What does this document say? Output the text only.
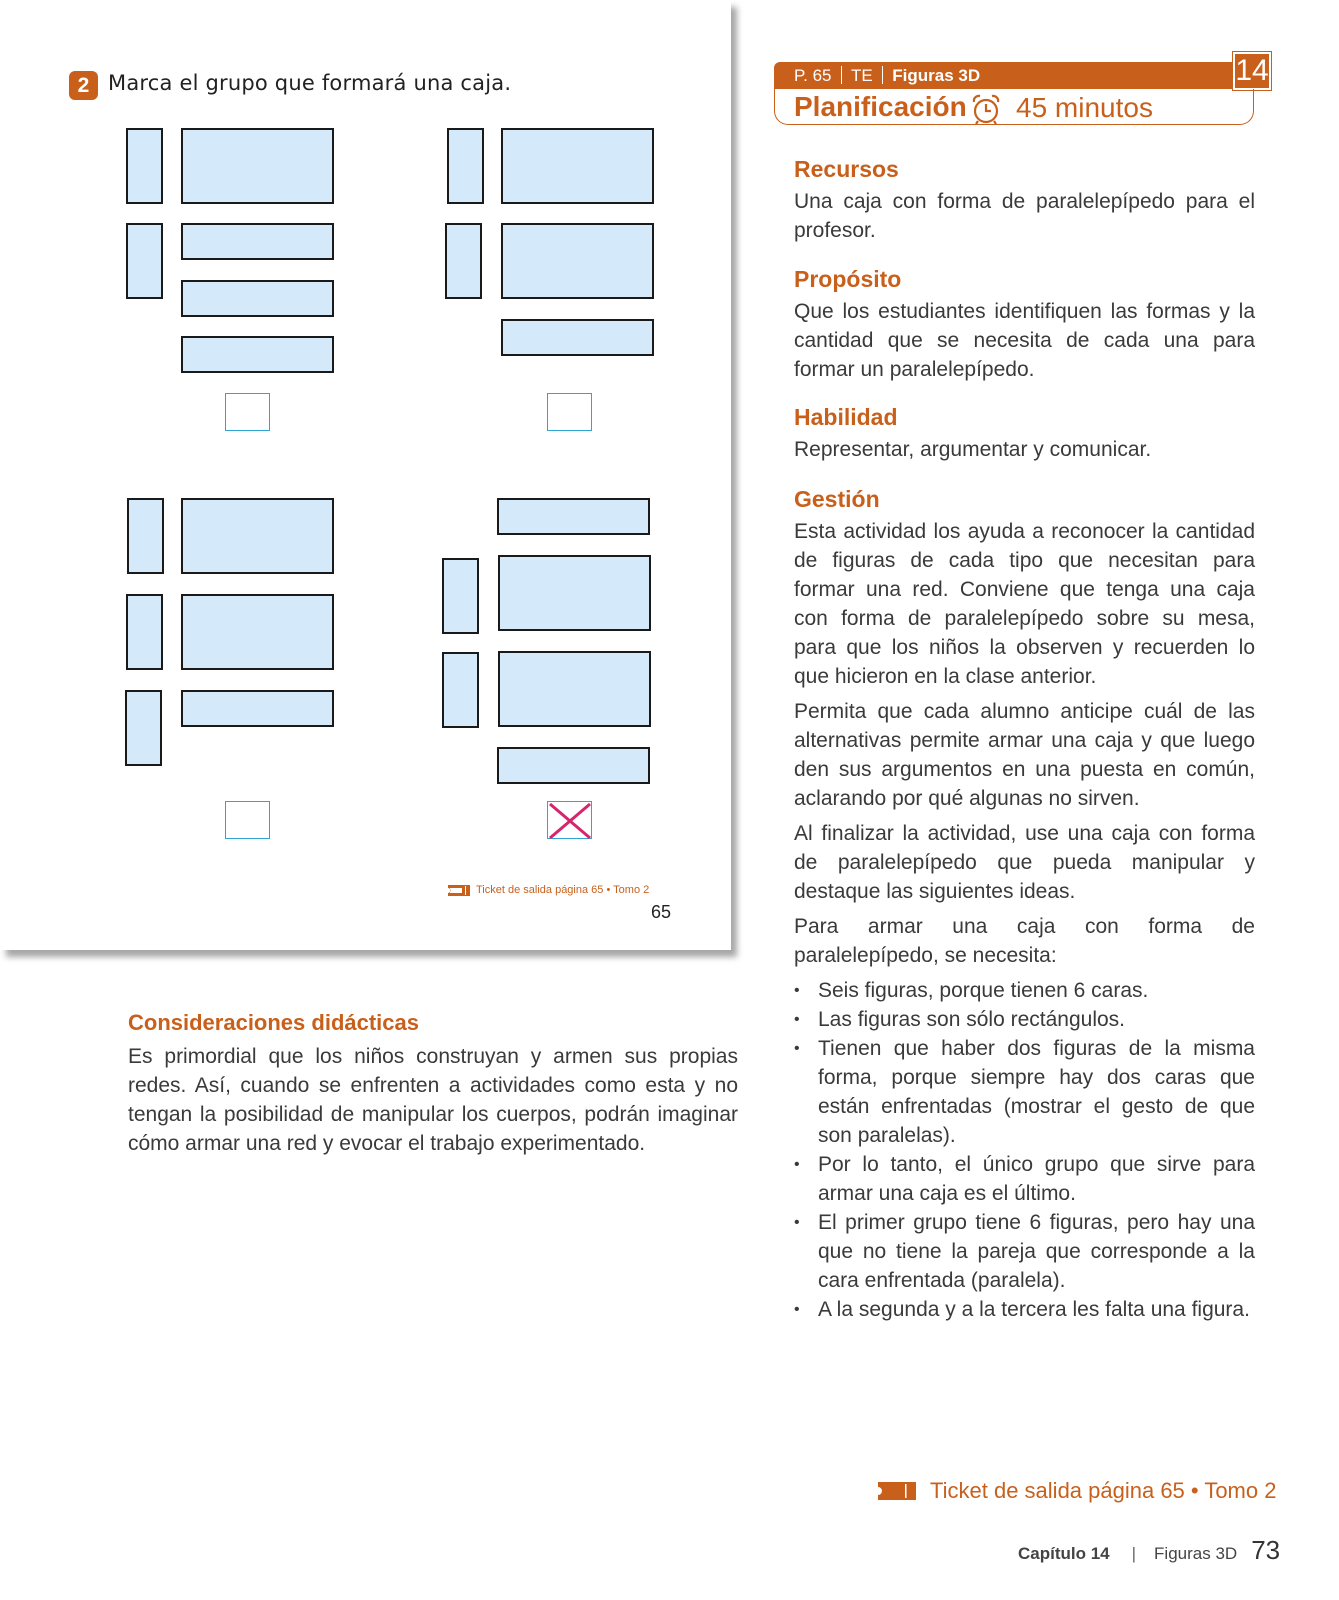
2 Marca el grupo que formará una caja.
Ticket de salida página 65 • Tomo 2
65
Consideraciones didácticas
Es primordial que los niños construyan y armen sus propias redes. Así, cuando se enfrenten a actividades como esta y no tengan la posibilidad de manipular los cuerpos, podrán imaginar cómo armar una red y evocar el trabajo experimentado.
P. 65 TE Figuras 3D	14
Planificación 45 minutos
Recursos
Una caja con forma de paralelepípedo para el profesor.
Propósito
Que los estudiantes identifiquen las formas y la cantidad que se necesita de cada una para formar un paralelepípedo.
Habilidad
Representar, argumentar y comunicar.
Gestión
Esta actividad los ayuda a reconocer la cantidad de figuras de cada tipo que necesitan para formar una red. Conviene que tenga una caja con forma de paralelepípedo sobre su mesa, para que los niños la observen y recuerden lo que hicieron en la clase anterior.
Permita que cada alumno anticipe cuál de las alternativas permite armar una caja y que luego den sus argumentos en una puesta en común, aclarando por qué algunas no sirven.
Al finalizar la actividad, use una caja con forma de paralelepípedo que pueda manipular y destaque las siguientes ideas.
Para armar una caja con forma de paralelepípedo, se necesita:
• Seis figuras, porque tienen 6 caras.
• Las figuras son sólo rectángulos.
• Tienen que haber dos figuras de la misma forma, porque siempre hay dos caras que están enfrentadas (mostrar el gesto de que son paralelas).
• Por lo tanto, el único grupo que sirve para armar una caja es el último.
• El primer grupo tiene 6 figuras, pero hay una que no tiene la pareja que corresponde a la cara enfrentada (paralela).
• A la segunda y a la tercera les falta una figura.
Ticket de salida página 65 • Tomo 2
Capítulo 14 | Figuras 3D 73
